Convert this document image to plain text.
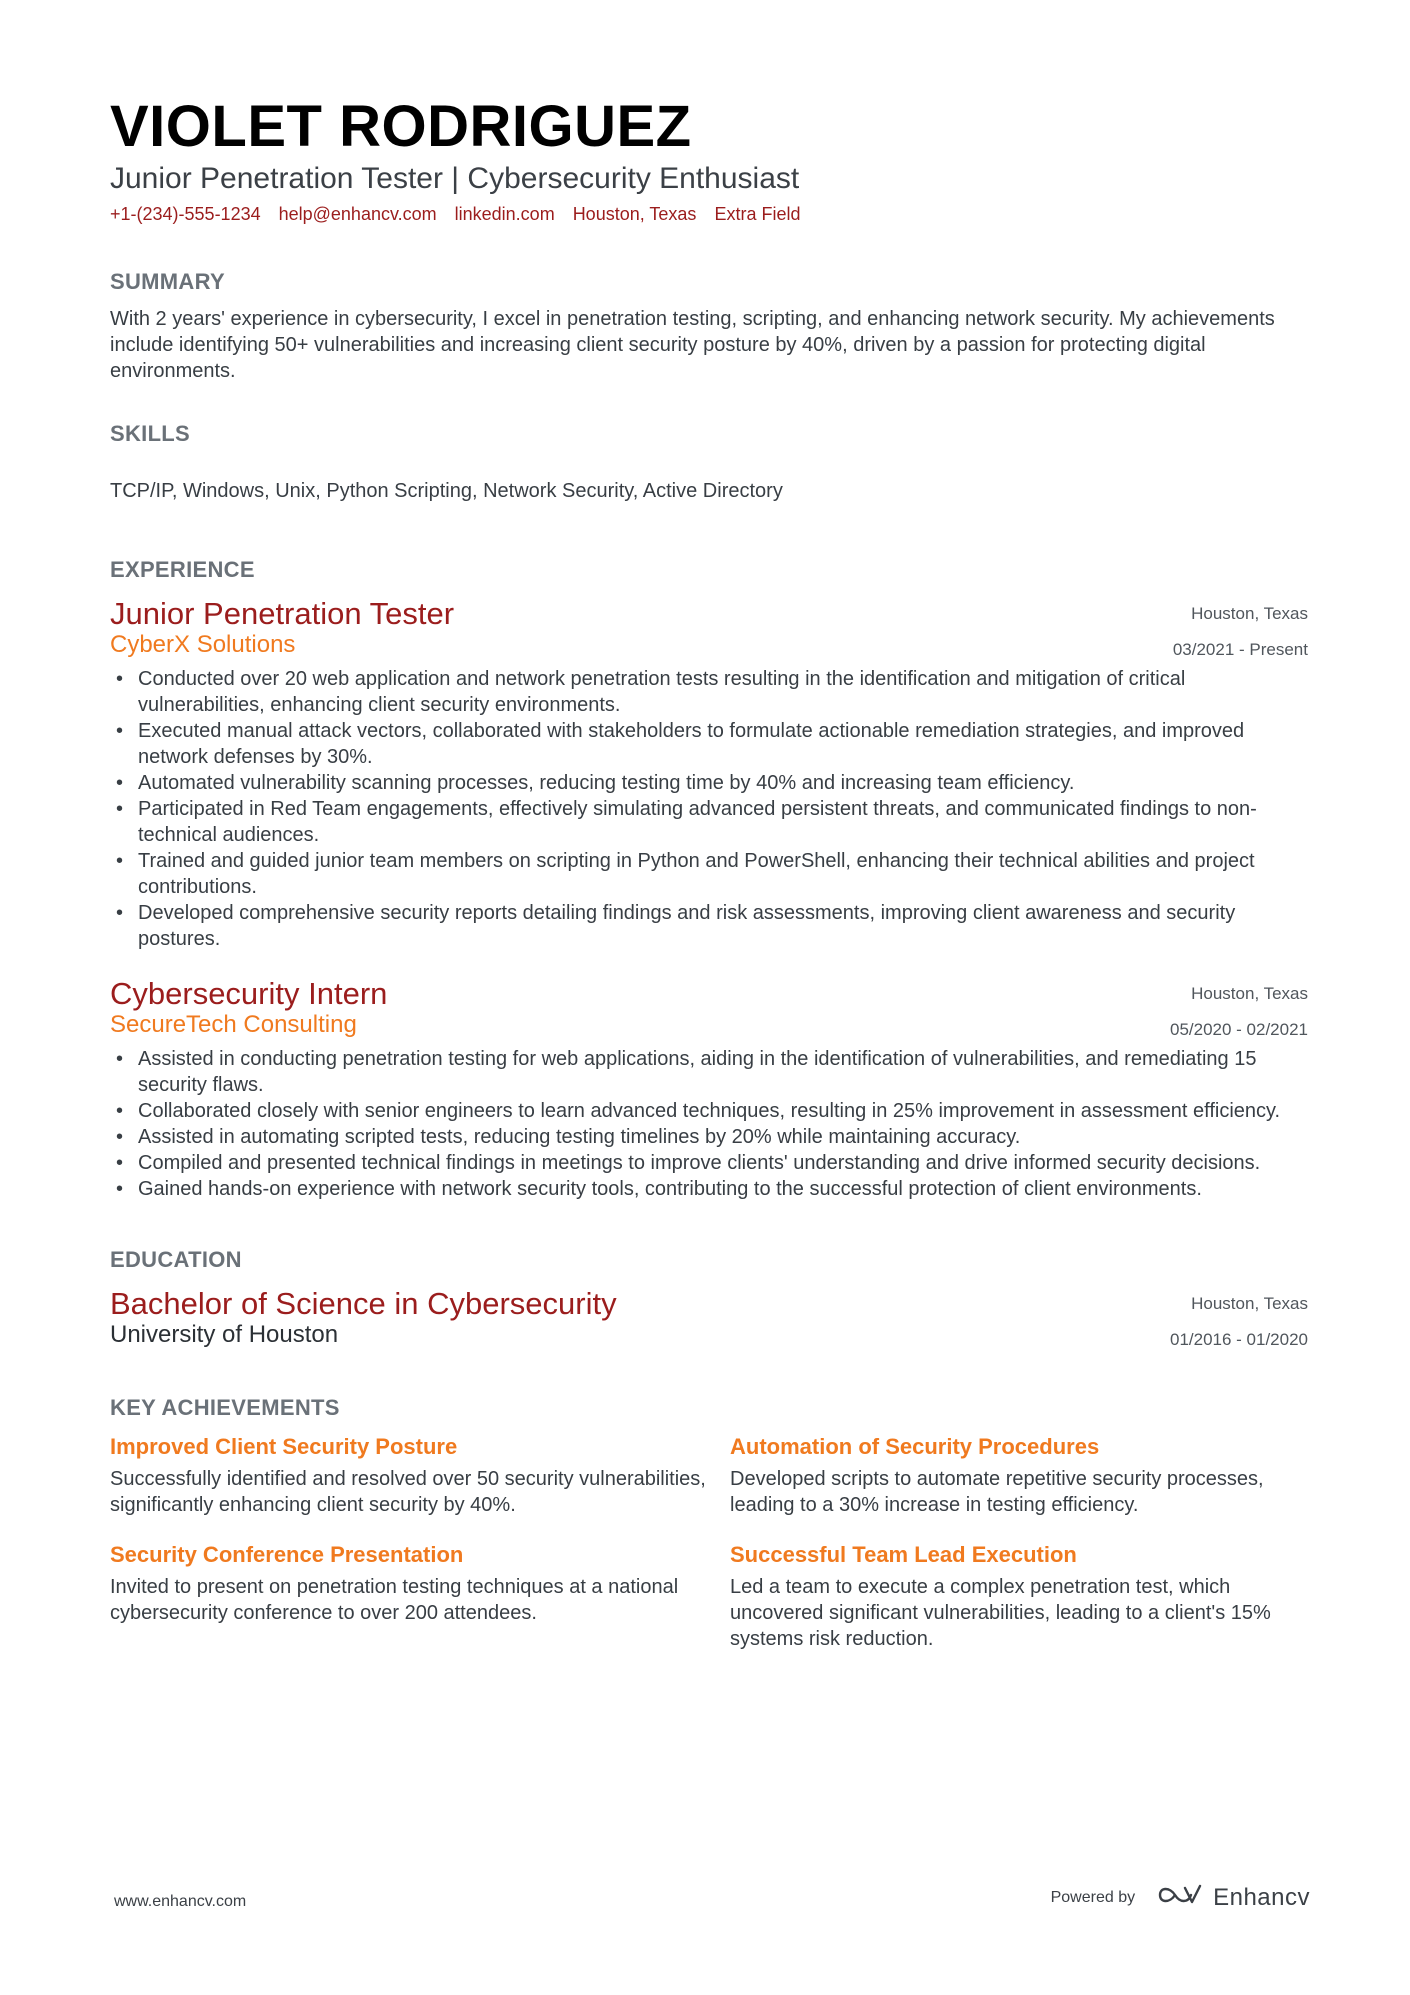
VIOLET RODRIGUEZ
Junior Penetration Tester | Cybersecurity Enthusiast
+1-(234)-555-1234 help@enhancv.com linkedin.com Houston, Texas Extra Field
SUMMARY
With 2 years' experience in cybersecurity, I excel in penetration testing, scripting, and enhancing network security. My achievements include identifying 50+ vulnerabilities and increasing client security posture by 40%, driven by a passion for protecting digital environments.
SKILLS
TCP/IP, Windows, Unix, Python Scripting, Network Security, Active Directory
EXPERIENCE
Junior Penetration Tester
CyberX Solutions
Houston, Texas
03/2021 - Present
• Conducted over 20 web application and network penetration tests resulting in the identification and mitigation of critical vulnerabilities, enhancing client security environments.
• Executed manual attack vectors, collaborated with stakeholders to formulate actionable remediation strategies, and improved network defenses by 30%.
• Automated vulnerability scanning processes, reducing testing time by 40% and increasing team efficiency.
• Participated in Red Team engagements, effectively simulating advanced persistent threats, and communicated findings to non-technical audiences.
• Trained and guided junior team members on scripting in Python and PowerShell, enhancing their technical abilities and project contributions.
• Developed comprehensive security reports detailing findings and risk assessments, improving client awareness and security postures.
Cybersecurity Intern
SecureTech Consulting
Houston, Texas
05/2020 - 02/2021
• Assisted in conducting penetration testing for web applications, aiding in the identification of vulnerabilities, and remediating 15 security flaws.
• Collaborated closely with senior engineers to learn advanced techniques, resulting in 25% improvement in assessment efficiency.
• Assisted in automating scripted tests, reducing testing timelines by 20% while maintaining accuracy.
• Compiled and presented technical findings in meetings to improve clients' understanding and drive informed security decisions.
• Gained hands-on experience with network security tools, contributing to the successful protection of client environments.
EDUCATION
Bachelor of Science in Cybersecurity
University of Houston
Houston, Texas
01/2016 - 01/2020
KEY ACHIEVEMENTS
Improved Client Security Posture
Successfully identified and resolved over 50 security vulnerabilities, significantly enhancing client security by 40%.
Automation of Security Procedures
Developed scripts to automate repetitive security processes, leading to a 30% increase in testing efficiency.
Security Conference Presentation
Invited to present on penetration testing techniques at a national cybersecurity conference to over 200 attendees.
Successful Team Lead Execution
Led a team to execute a complex penetration test, which uncovered significant vulnerabilities, leading to a client's 15% systems risk reduction.
www.enhancv.com	Powered by	Enhancv
